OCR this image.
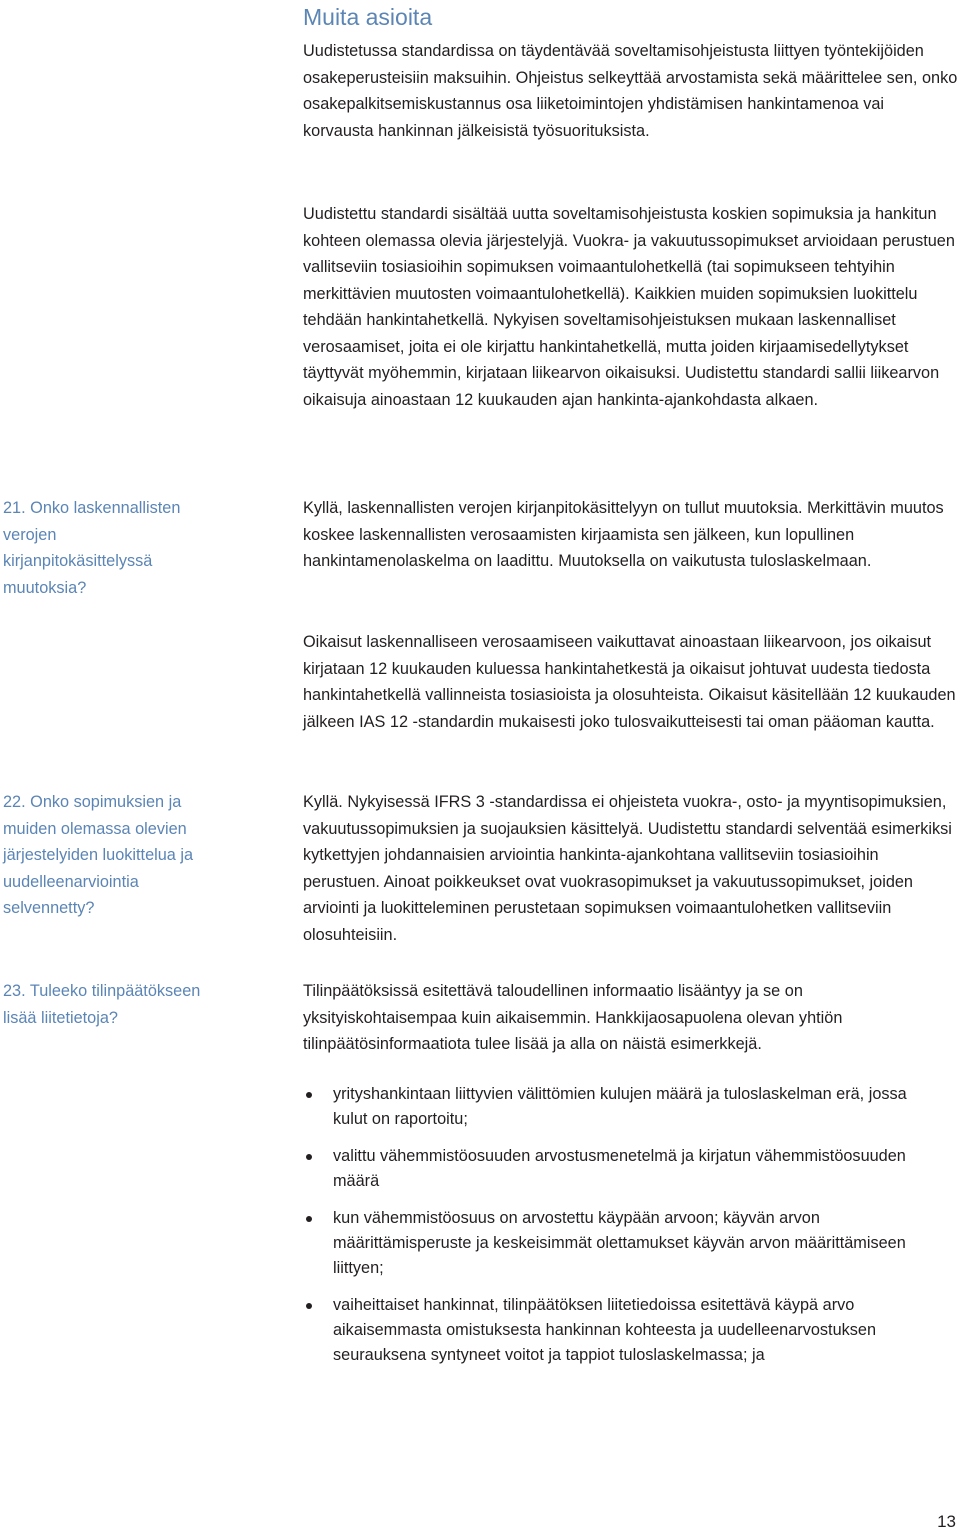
Muita asioita

Uudistetussa standardissa on täydentävää soveltamisohjeistusta liittyen työntekijöiden osakeperusteisiin maksuihin. Ohjeistus selkeyttää arvostamista sekä määrittelee sen, onko osakepalkitsemiskustannus osa liiketoimintojen yhdistämisen hankintamenoa vai korvausta hankinnan jälkeisistä työsuorituksista.

Uudistettu standardi sisältää uutta soveltamisohjeistusta koskien sopimuksia ja hankitun kohteen olemassa olevia järjestelyjä. Vuokra- ja vakuutussopimukset arvioidaan perustuen vallitseviin tosiasioihin sopimuksen voimaantulohetkellä (tai sopimukseen tehtyihin merkittävien muutosten voimaantulohetkellä). Kaikkien muiden sopimuksien luokittelu tehdään hankintahetkellä. Nykyisen soveltamisohjeistuksen mukaan laskennalliset verosaamiset, joita ei ole kirjattu hankintahetkellä, mutta joiden kirjaamisedellytykset täyttyvät myöhemmin, kirjataan liikearvon oikaisuksi. Uudistettu standardi sallii liikearvon oikaisuja ainoastaan 12 kuukauden ajan hankinta-ajankohdasta alkaen.

21. Onko laskennallisten verojen kirjanpitokäsittelyssä muutoksia?

Kyllä, laskennallisten verojen kirjanpitokäsittelyyn on tullut muutoksia. Merkittävin muutos koskee laskennallisten verosaamisten kirjaamista sen jälkeen, kun lopullinen hankintamenolaskelma on laadittu. Muutoksella on vaikutusta tuloslaskelmaan.

Oikaisut laskennalliseen verosaamiseen vaikuttavat ainoastaan liikearvoon, jos oikaisut kirjataan 12 kuukauden kuluessa hankintahetkestä ja oikaisut johtuvat uudesta tiedosta hankintahetkellä vallinneista tosiasioista ja olosuhteista. Oikaisut käsitellään 12 kuukauden jälkeen IAS 12 -standardin mukaisesti joko tulosvaikutteisesti tai oman pääoman kautta.

22. Onko sopimuksien ja muiden olemassa olevien järjestelyiden luokittelua ja uudelleenarviointia selvennetty?

Kyllä. Nykyisessä IFRS 3 -standardissa ei ohjeisteta vuokra-, osto- ja myyntisopimuksien, vakuutussopimuksien ja suojauksien käsittelyä. Uudistettu standardi selventää esimerkiksi kytkettyjen johdannaisien arviointia hankinta-ajankohtana vallitseviin tosiasioihin perustuen. Ainoat poikkeukset ovat vuokrasopimukset ja vakuutussopimukset, joiden arviointi ja luokitteleminen perustetaan sopimuksen voimaantulohetken vallitseviin olosuhteisiin.

23. Tuleeko tilinpäätökseen lisää liitetietoja?

Tilinpäätöksissä esitettävä taloudellinen informaatio lisääntyy ja se on yksityiskohtaisempaa kuin aikaisemmin. Hankkijaosapuolena olevan yhtiön tilinpäätösinformaatiota tulee lisää ja alla on näistä esimerkkejä.

yrityshankintaan liittyvien välittömien kulujen määrä ja tuloslaskelman erä, jossa kulut on raportoitu;
valittu vähemmistöosuuden arvostusmenetelmä ja kirjatun vähemmistöosuuden määrä
kun vähemmistöosuus on arvostettu käypään arvoon; käyvän arvon määrittämisperuste ja keskeisimmät olettamukset käyvän arvon määrittämiseen liittyen;
vaiheittaiset hankinnat, tilinpäätöksen liitetiedoissa esitettävä käypä arvo aikaisemmasta omistuksesta hankinnan kohteesta ja uudelleenarvostuksen seurauksena syntyneet voitot ja tappiot tuloslaskelmassa; ja
13
